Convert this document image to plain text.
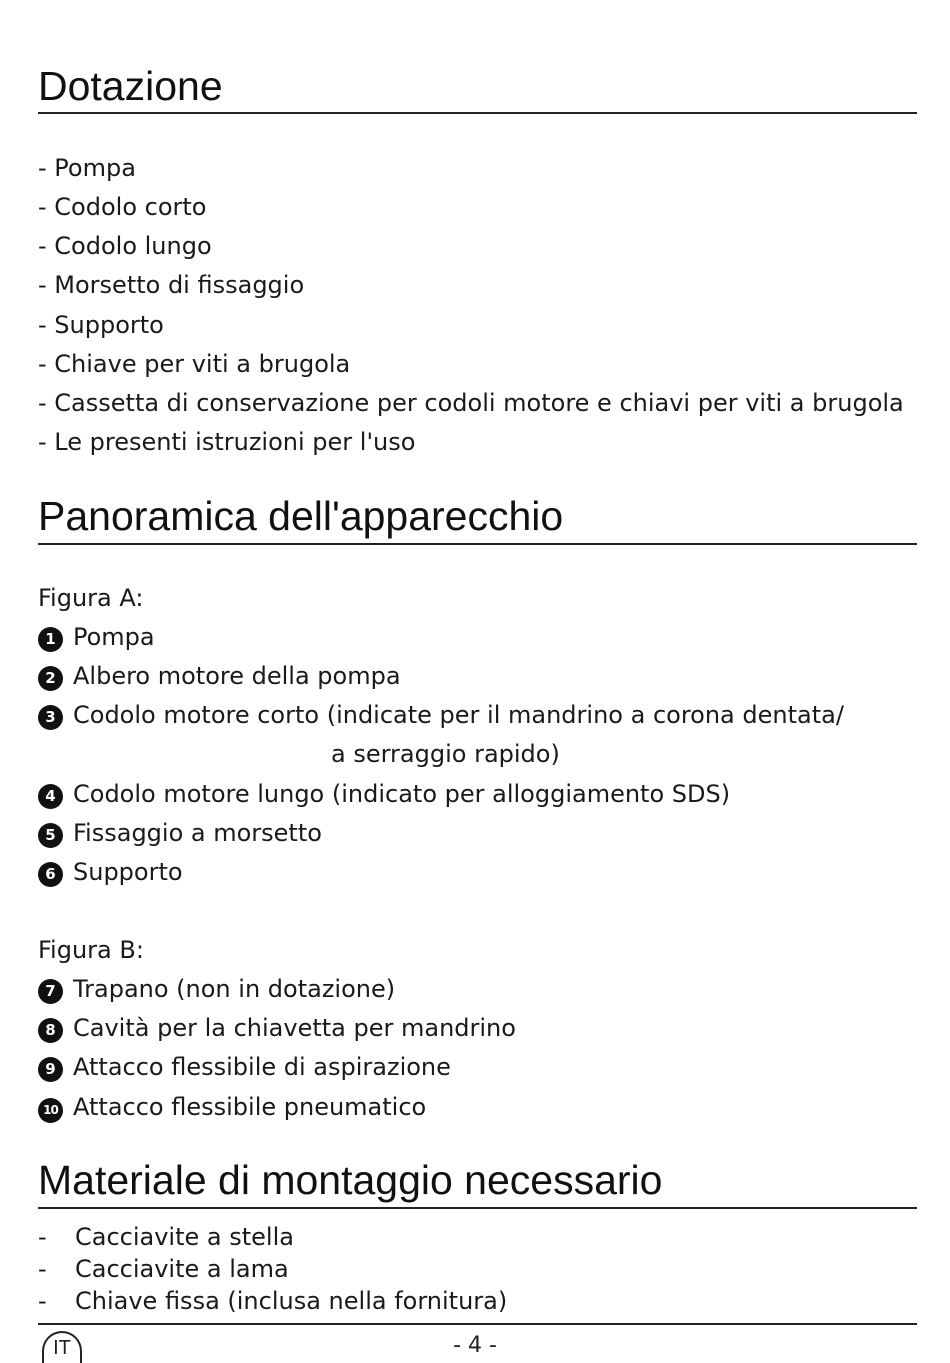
Dotazione

- Pompa

- Codolo corto

- Codolo lungo

- Morsetto di fissaggio

- Supporto

- Chiave per viti a brugola

- Cassetta di conservazione per codoli motore e chiavi per viti a brugola

- Le presenti istruzioni per l'uso

Panoramica dell'apparecchio

Figura A:

1 Pompa

2 Albero motore della pompa

3 Codolo motore corto (indicate per il mandrino a corona dentata/

a serraggio rapido)

4 Codolo motore lungo (indicato per alloggiamento SDS)

5 Fissaggio a morsetto

6 Supporto

Figura B:

7 Trapano (non in dotazione)

8 Cavità per la chiavetta per mandrino

9 Attacco flessibile di aspirazione

10 Attacco flessibile pneumatico

Materiale di montaggio necessario

- Cacciavite a stella

- Cacciavite a lama

- Chiave fissa (inclusa nella fornitura)

IT	- 4 -
